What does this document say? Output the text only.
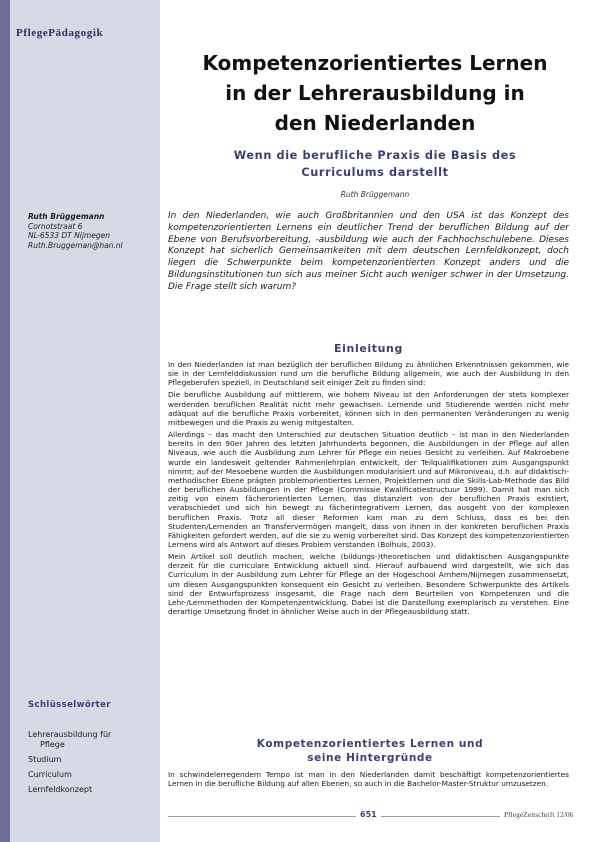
PflegePädagogik
Kompetenzorientiertes Lernen
in der Lehrerausbildung in
den Niederlanden
Wenn die berufliche Praxis die Basis des
Curriculums darstellt

Ruth Brüggemann

Ruth Brüggemann
Cornotstraat 6
NL-6533 DT Nijmegen
Ruth.Bruggeman@han.nl

In den Niederlanden, wie auch Großbritannien und den USA ist das Konzept des kompetenzorientierten Lernens ein deutlicher Trend der beruflichen Bildung auf der Ebene von Berufsvorbereitung, -ausbildung wie auch der Fachhochschulebene. Dieses Konzept hat sicherlich Gemeinsamkeiten mit dem deutschen Lernfeldkonzept, doch liegen die Schwerpunkte beim kompetenzorientierten Konzept anders und die Bildungsinstitutionen tun sich aus meiner Sicht auch weniger schwer in der Umsetzung. Die Frage stellt sich warum?

Einleitung

In den Niederlanden ist man bezüglich der beruflichen Bildung zu ähnlichen Erkenntnissen gekommen, wie sie in der Lernfelddiskussion rund um die berufliche Bildung allgemein, wie auch der Ausbildung in den Pflegeberufen speziell, in Deutschland seit einiger Zeit zu finden sind:

Die berufliche Ausbildung auf mittlerem, wie hohem Niveau ist den Anforderungen der stets komplexer werdenden beruflichen Realität nicht mehr gewachsen. Lernende und Studierende werden nicht mehr adäquat auf die berufliche Praxis vorbereitet, können sich in den permanenten Veränderungen zu wenig mitbewegen und die Praxis zu wenig mitgestalten.

Allerdings – das macht den Unterschied zur deutschen Situation deutlich – ist man in den Niederlanden bereits in den 90er Jahren des letzten Jahrhunderts begonnen, die Ausbildungen in der Pflege auf allen Niveaus, wie auch die Ausbildung zum Lehrer für Pflege ein neues Gesicht zu verleihen. Auf Makroebene wurde ein landesweit geltender Rahmenlehrplan entwickelt, der Teilqualifikationen zum Ausgangspunkt nimmt; auf der Mesoebene wurden die Ausbildungen modularisiert und auf Mikroniveau, d.h. auf didaktisch-methodischer Ebene prägten problemorientiertes Lernen, Projektlernen und die Skills-Lab-Methode das Bild der beruflichen Ausbildungen in der Pflege (Commissie Kwalificatiestructuur 1999). Damit hat man sich zeitig von einem fächerorientierten Lernen, das distanziert von der beruflichen Praxis existiert, verabschiedet und sich hin bewegt zu fächerintegrativem Lernen, das ausgeht von der komplexen beruflichen Praxis. Trotz all dieser Reformen kam man zu dem Schluss, dass es bei den Studenten/Lernenden an Transfervermögen mangelt, dass von ihnen in der konkreten beruflichen Praxis Fähigkeiten gefordert werden, auf die sie zu wenig vorbereitet sind. Das Konzept des kompetenzorientierten Lernens wird als Antwort auf dieses Problem verstanden (Bolhuis, 2003).

Mein Artikel soll deutlich machen, welche (bildungs-)theoretischen und didaktischen Ausgangspunkte derzeit für die curriculare Entwicklung aktuell sind. Hierauf aufbauend wird dargestellt, wie sich das Curriculum in der Ausbildung zum Lehrer für Pflege an der Hogeschool Arnhem/Nijmegen zusammensetzt, um diesen Ausgangspunkten konsequent ein Gesicht zu verleihen. Besondere Schwerpunkte des Artikels sind der Entwurfsprozess insgesamt, die Frage nach dem Beurteilen von Kompetenzen und die Lehr-/Lernmethoden der Kompetenzentwicklung. Dabei ist die Darstellung exemplarisch zu verstehen. Eine derartige Umsetzung findet in ähnlicher Weise auch in der Pflegeausbildung statt.

Schlüsselwörter
Lehrerausbildung für
Pflege
Studium
Curriculum
Lernfeldkonzept
Kompetenzorientiertes Lernen und
seine Hintergründe

In schwindelerregendem Tempo ist man in den Niederlanden damit beschäftigt kompetenzorientiertes Lernen in die berufliche Bildung auf allen Ebenen, so auch in die Bachelor-Master-Struktur umzusetzen.

651	PflegeZeitschrift 12/06
